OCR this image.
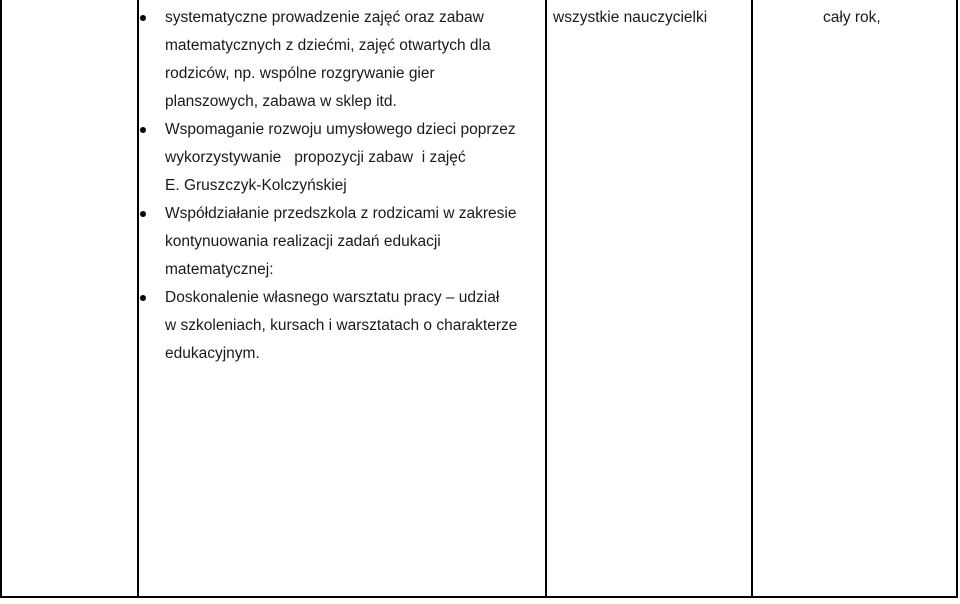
systematyczne prowadzenie zajęć oraz zabaw
matematycznych z dziećmi, zajęć otwartych dla
rodziców, np. wspólne rozgrywanie gier
planszowych, zabawa w sklep itd.
Wspomaganie rozwoju umysłowego dzieci poprzez
wykorzystywanie   propozycji zabaw  i zajęć
E. Gruszczyk-Kolczyńskiej
Współdziałanie przedszkola z rodzicami w zakresie
kontynuowania realizacji zadań edukacji
matematycznej:
Doskonalenie własnego warsztatu pracy – udział
w szkoleniach, kursach i warsztatach o charakterze
edukacyjnym.
wszystkie nauczycielki	cały rok,
